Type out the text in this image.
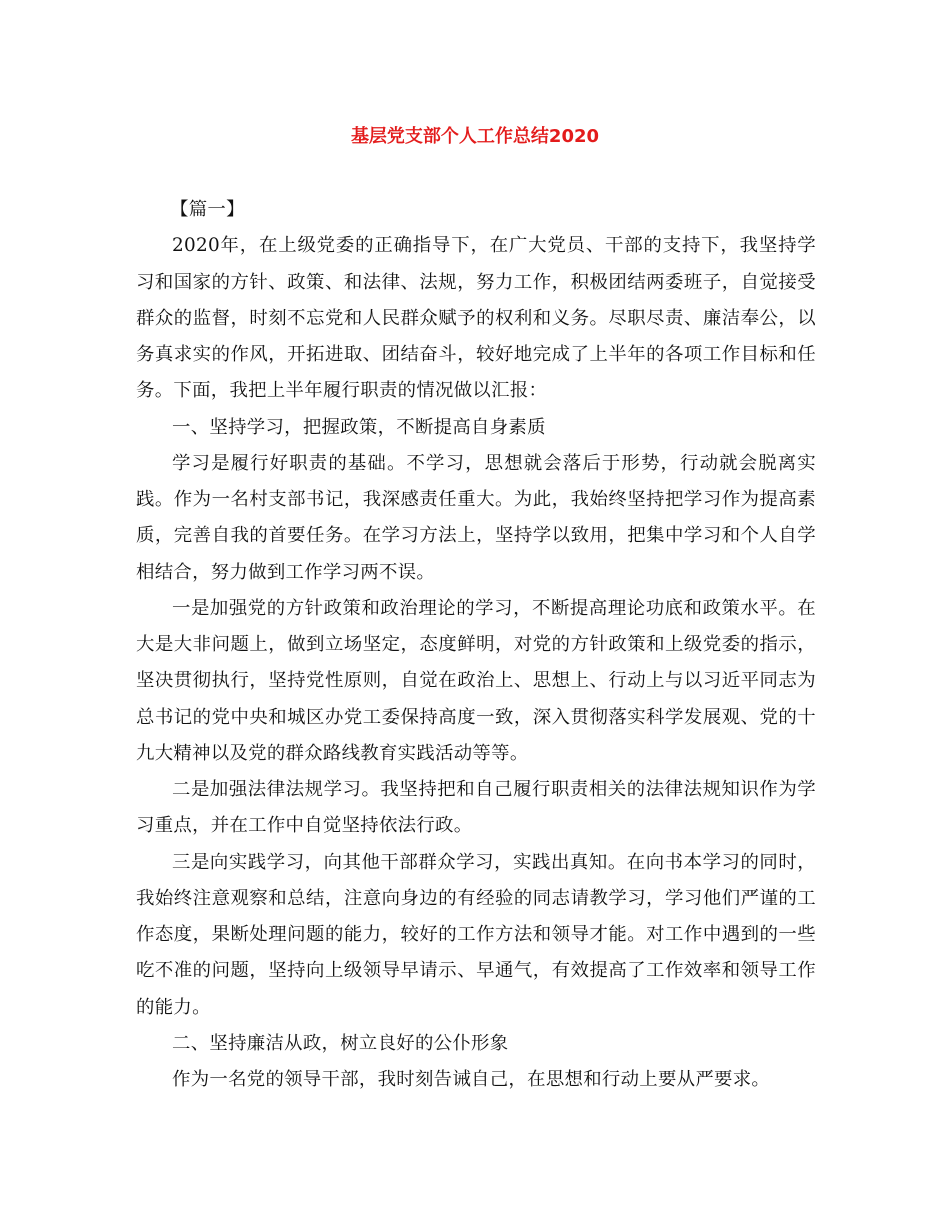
基层党支部个人工作总结2020

【篇一】

2020年，在上级党委的正确指导下，在广大党员、干部的支持下，我坚持学习和国家的方针、政策、和法律、法规，努力工作，积极团结两委班子，自觉接受群众的监督，时刻不忘党和人民群众赋予的权利和义务。尽职尽责、廉洁奉公，以务真求实的作风，开拓进取、团结奋斗，较好地完成了上半年的各项工作目标和任务。下面，我把上半年履行职责的情况做以汇报：

一、坚持学习，把握政策，不断提高自身素质

学习是履行好职责的基础。不学习，思想就会落后于形势，行动就会脱离实践。作为一名村支部书记，我深感责任重大。为此，我始终坚持把学习作为提高素质，完善自我的首要任务。在学习方法上，坚持学以致用，把集中学习和个人自学相结合，努力做到工作学习两不误。

一是加强党的方针政策和政治理论的学习，不断提高理论功底和政策水平。在大是大非问题上，做到立场坚定，态度鲜明，对党的方针政策和上级党委的指示，坚决贯彻执行，坚持党性原则，自觉在政治上、思想上、行动上与以习近平同志为总书记的党中央和城区办党工委保持高度一致，深入贯彻落实科学发展观、党的十九大精神以及党的群众路线教育实践活动等等。

二是加强法律法规学习。我坚持把和自己履行职责相关的法律法规知识作为学习重点，并在工作中自觉坚持依法行政。

三是向实践学习，向其他干部群众学习，实践出真知。在向书本学习的同时，我始终注意观察和总结，注意向身边的有经验的同志请教学习，学习他们严谨的工作态度，果断处理问题的能力，较好的工作方法和领导才能。对工作中遇到的一些吃不准的问题，坚持向上级领导早请示、早通气，有效提高了工作效率和领导工作的能力。

二、坚持廉洁从政，树立良好的公仆形象

作为一名党的领导干部，我时刻告诫自己，在思想和行动上要从严要求。
